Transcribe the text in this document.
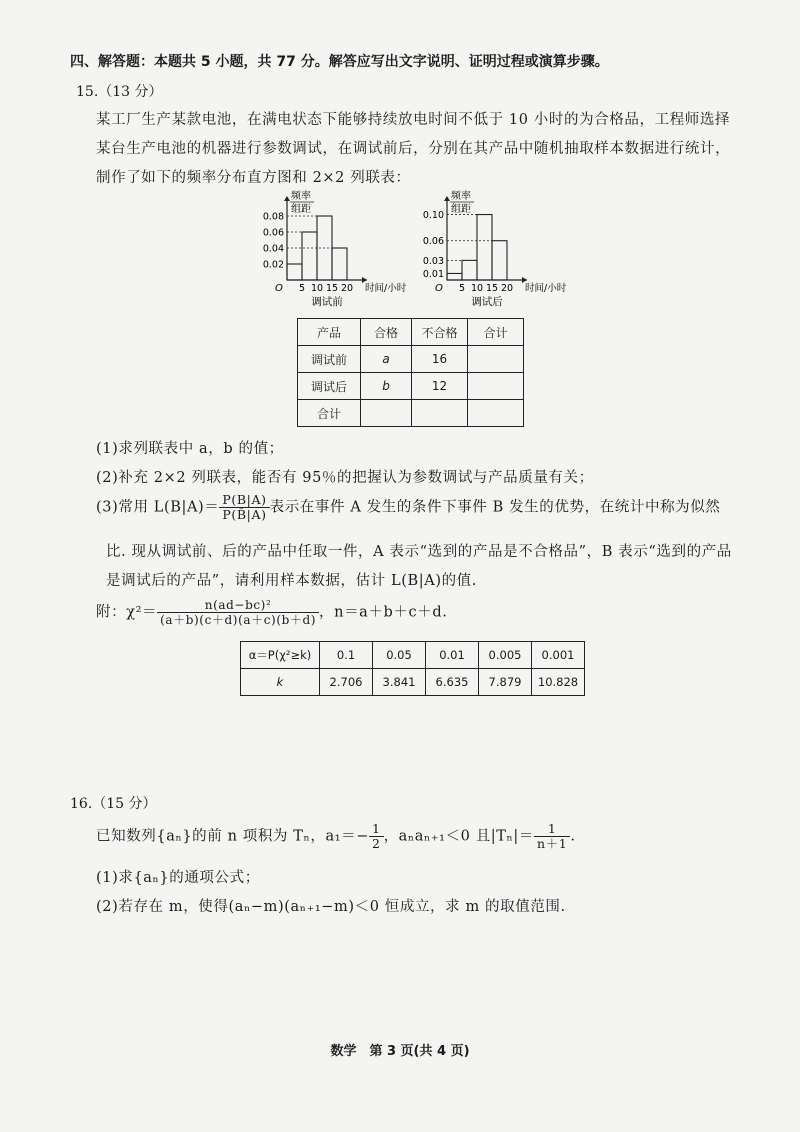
四、解答题：本题共 5 小题，共 77 分。解答应写出文字说明、证明过程或演算步骤。
15.（13 分）
某工厂生产某款电池，在满电状态下能够持续放电时间不低于 10 小时的为合格品，工程师选择
某台生产电池的机器进行参数调试，在调试前后，分别在其产品中随机抽取样本数据进行统计，
制作了如下的频率分布直方图和 2×2 列联表：
频率
组距
O 5 10 15 20 时间/小时
0.02
0.04
0.06
0.08
调试前
频率
组距
O 5 10 15 20 时间/小时
0.01
0.03
0.06
0.10
调试后
产品	合格	不合格	合计
调试前	a	16	
调试后	b	12	
合计			
(1)求列联表中 a，b 的值；
(2)补充 2×2 列联表，能否有 95％的把握认为参数调试与产品质量有关；
(3)常用 $L(B|A)= \frac{P(B|A)}{P(B̄|A)}$ 表示在事件 A 发生的条件下事件 B 发生的优势，在统计中称为似然
比. 现从调试前、后的产品中任取一件，A 表示“选到的产品是不合格品”，B 表示“选到的产品
是调试后的产品”，请利用样本数据，估计 L(B|A)的值.
附：$\chi^2= \frac{\text{n(ad−bc)²}}{(a+b)(c+d)(a+c)(b+d)}$ ，n＝a＋b＋c＋d.
α＝P(χ²≥k)	0.1	0.05	0.01	0.005	0.001
k	2.706	3.841	6.635	7.879	10.828
16.（15 分）
已知数列{aₙ}的前 n 项积为 Tₙ，$a_1=- \frac{1}{2}$ ，aₙaₙ₊₁＜0 且$|T_n|= \frac{1}{n+1}$ .
(1)求{aₙ}的通项公式；
(2)若存在 m，使得(aₙ−m)(aₙ₊₁−m)＜0 恒成立，求 m 的取值范围.
数学　第 3 页(共 4 页)
